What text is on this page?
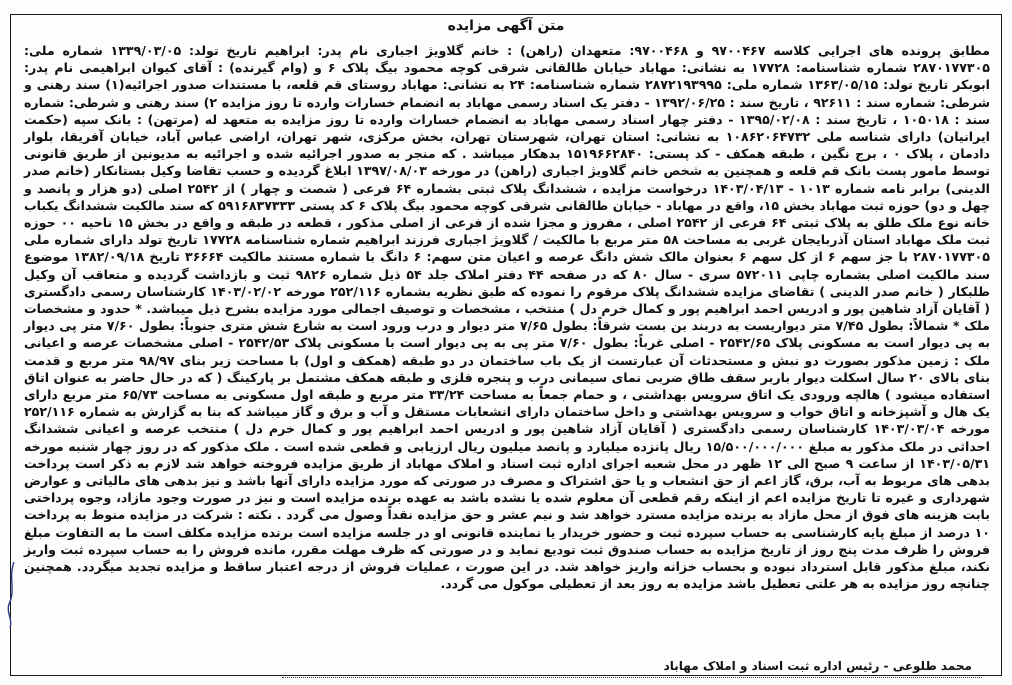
متن آگهی مزایده

مطابق پرونده های اجرایی کلاسه ۹۷۰۰۴۶۷ و ۹۷۰۰۴۶۸: متعهدان (راهن) : خانم گلاویژ اجباری نام پدر: ابراهیم تاریخ تولد: ۱۳۳۹/۰۳/۰۵ شماره ملی: ۲۸۷۰۱۷۷۳۰۵ شماره شناسنامه: ۱۷۷۲۸ به نشانی: مهاباد خیابان طالقانی شرقی کوچه محمود بیگ پلاک ۶ و (وام گیرنده) : آقای کیوان ابراهیمی نام پدر: ابوبکر تاریخ تولد: ۱۳۶۳/۰۵/۱۵ شماره ملی: ۲۸۷۲۱۹۳۹۹۵ شماره شناسنامه: ۲۴ به نشانی: مهاباد روستای قم قلعه، با مستندات صدور اجرائیه(۱) سند رهنی و شرطی: شماره سند : ۹۲۶۱۱ ، تاریخ سند : ۱۳۹۲/۰۶/۲۵ - دفتر یک اسناد رسمی مهاباد به انضمام خسارات وارده تا روز مزایده ۲) سند رهنی و شرطی: شماره سند : ۱۰۵۰۱۸ ، تاریخ سند : ۱۳۹۵/۰۲/۰۸ - دفتر چهار اسناد رسمی مهاباد به انضمام خسارات وارده تا روز مزایده به متعهد له (مرتهن) : بانک سپه (حکمت ایرانیان) دارای شناسه ملی ۱۰۸۶۲۰۶۴۷۳۲ به نشانی: استان تهران، شهرستان تهران، بخش مرکزی، شهر تهران، اراضی عباس آباد، خیابان آفریقا، بلوار دادمان ، پلاک ۰ ، برج نگین ، طبقه همکف - کد پستی: ۱۵۱۹۶۶۲۸۴۰ بدهکار میباشد . که منجر به صدور اجرائیه شده و اجرائیه به مدیونین از طریق قانونی توسط مامور پست بانک قم قلعه و همچنین به شخص خانم گلاویژ اجباری (راهن) در مورخه ۱۳۹۷/۰۸/۰۳ ابلاغ گردیده و حسب تقاضا وکیل بستانکار (خانم صدر الدینی) برابر نامه شماره ۱۰۱۳ - ۱۴۰۳/۰۴/۱۳ درخواست مزایده ، ششدانگ پلاک ثبتی بشماره ۶۴ فرعی ( شصت و چهار ) از ۲۵۴۲ اصلی (دو هزار و پانصد و چهل و دو) حوزه ثبت مهاباد بخش ۱۵، واقع در مهاباد - خیابان طالقانی شرقی کوچه محمود بیگ پلاک ۶ کد پستی ۵۹۱۶۸۳۷۳۳۳ که سند مالکیت ششدانگ یکباب خانه نوع ملک طلق به پلاک ثبتی ۶۴ فرعی از ۲۵۴۲ اصلی ، مفروز و مجزا شده از فرعی از اصلی مذکور ، قطعه در طبقه و واقع در بخش ۱۵ ناحیه ۰۰ حوزه ثبت ملک مهاباد استان آذربایجان غربی به مساحت ۵۸ متر مربع با مالکیت / گلاویژ اجباری فرزند ابراهیم شماره شناسنامه ۱۷۷۲۸ تاریخ تولد دارای شماره ملی ۲۸۷۰۱۷۷۳۰۵ با جز سهم ۶ از کل سهم ۶ بعنوان مالک شش دانگ عرصه و اعیان متن سهم: ۶ دانگ با شماره مستند مالکیت ۳۶۶۶۴ تاریخ ۱۳۸۲/۰۹/۱۸ موضوع سند مالکیت اصلی بشماره چاپی ۵۷۲۰۱۱ سری - سال ۸۰ که در صفحه ۴۴ دفتر املاک جلد ۵۴ ذیل شماره ۹۸۲۶ ثبت و بازداشت گردیده و متعاقب آن وکیل طلبکار ( خانم صدر الدینی ) تقاضای مزایده ششدانگ پلاک مرقوم را نموده که طبق نظریه بشماره ۲۵۲/۱۱۶ مورخه ۱۴۰۳/۰۲/۰۲ کارشناسان رسمی دادگستری ( آقایان آزاد شاهین پور و ادریس احمد ابراهیم پور و کمال خرم دل ) منتخب ، مشخصات و توصیف اجمالی مورد مزایده بشرح ذیل میباشد. * حدود و مشخصات ملک * شمالاً: بطول ۷/۴۵ متر دیواریست به دربند بن بست شرقاً: بطول ۷/۶۵ متر دیوار و درب ورود است به شارع شش متری جنوباً: بطول ۷/۶۰ متر پی دیوار به پی دیوار است به مسکونی پلاک ۲۵۴۲/۶۵ - اصلی غرباً: بطول ۷/۶۰ متر پی به پی دیوار است با مسکونی پلاک ۲۵۴۲/۵۳ - اصلی مشخصات عرصه و اعیانی ملک : زمین مذکور بصورت دو نبش و مستحدثات آن عبارتست از یک باب ساختمان در دو طبقه (همکف و اول) با مساحت زیر بنای ۹۸/۹۷ متر مربع و قدمت بنای بالای ۲۰ سال اسکلت دیوار باربر سقف طاق ضربی نمای سیمانی درب و پنجره فلزی و طبقه همکف مشتمل بر پارکینگ ( که در حال حاضر به عنوان اتاق استفاده میشود ) هالچه ورودی یک اتاق سرویس بهداشتی ، و حمام جمعاً به مساحت ۳۳/۲۴ متر مربع و طبقه اول مسکونی به مساحت ۶۵/۷۳ متر مربع دارای یک هال و آشپزخانه و اتاق خواب و سرویس بهداشتی و داخل ساختمان دارای انشعابات مستقل و آب و برق و گاز میباشد که بنا به گزارش به شماره ۲۵۲/۱۱۶ مورخه ۱۴۰۳/۰۳/۰۴ کارشناسان رسمی دادگستری ( آقایان آزاد شاهین پور و ادریس احمد ابراهیم پور و کمال خرم دل ) منتخب عرصه و اعیانی ششدانگ احداثی در ملک مذکور به مبلغ ۱۵/۵۰۰/۰۰۰/۰۰۰ ریال پانزده میلیارد و پانصد میلیون ریال ارزیابی و قطعی شده است . ملک مذکور که در روز چهار شنبه مورخه ۱۴۰۳/۰۵/۳۱ از ساعت ۹ صبح الی ۱۲ ظهر در محل شعبه اجرای اداره ثبت اسناد و املاک مهاباد از طریق مزایده فروخته خواهد شد لازم به ذکر است پرداخت بدهی های مربوط به آب، برق، گاز اعم از حق انشعاب و یا حق اشتراک و مصرف در صورتی که مورد مزایده دارای آنها باشد و نیز بدهی های مالیاتی و عوارض شهرداری و غیره تا تاریخ مزایده اعم از اینکه رقم قطعی آن معلوم شده یا نشده باشد به عهده برنده مزایده است و نیز در صورت وجود مازاد، وجوه پرداختی بابت هزینه های فوق از محل مازاد به برنده مزایده مسترد خواهد شد و نیم عشر و حق مزایده نقداً وصول می گردد . نکته : شرکت در مزایده منوط به پرداخت ۱۰ درصد از مبلغ پایه کارشناسی به حساب سپرده ثبت و حضور خریدار یا نماینده قانونی او در جلسه مزایده است برنده مزایده مکلف است ما به التفاوت مبلغ فروش را ظرف مدت پنج روز از تاریخ مزایده به حساب صندوق ثبت تودیع نماید و در صورتی که ظرف مهلت مقرر، مانده فروش را به حساب سپرده ثبت واریز نکند، مبلغ مذکور قابل استرداد نبوده و بحساب خزانه واریز خواهد شد. در این صورت ، عملیات فروش از درجه اعتبار ساقط و مزایده تجدید میگردد. همچنین چنانچه روز مزایده به هر علتی تعطیل باشد مزایده به روز بعد از تعطیلی موکول می گردد.

محمد طلوعی - رئیس اداره ثبت اسناد و املاک مهاباد
